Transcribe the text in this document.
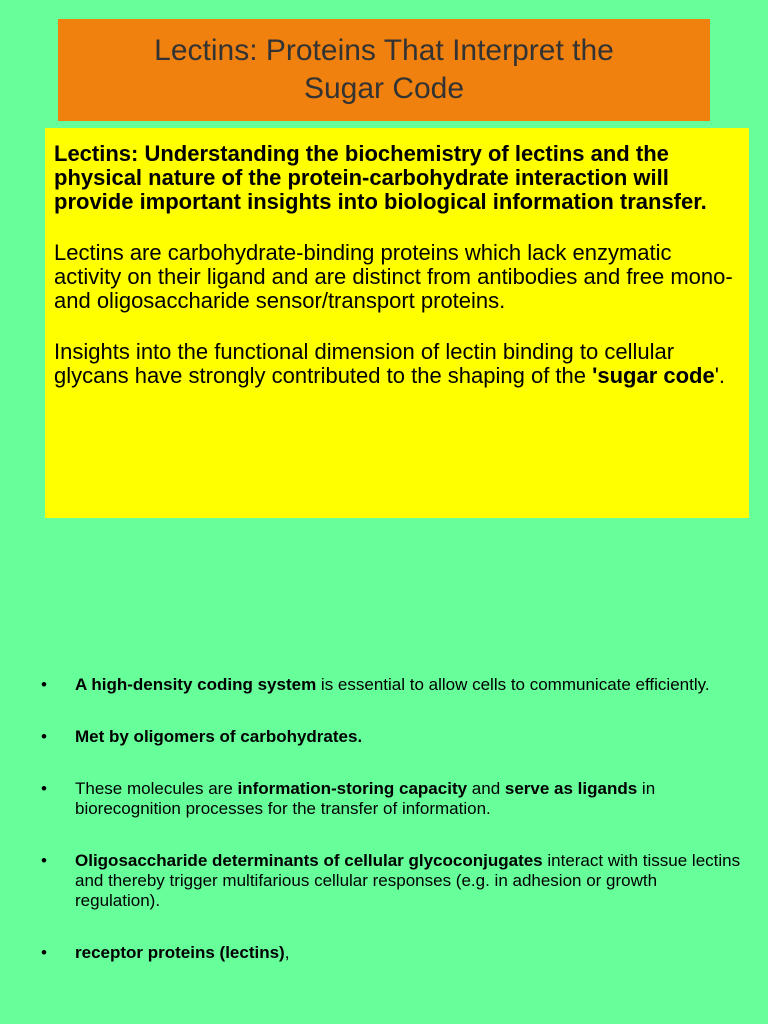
Lectins: Proteins That Interpret the
Sugar Code

Lectins: Understanding the biochemistry of lectins and the physical nature of the protein-carbohydrate interaction will provide important insights into biological information transfer.

Lectins are carbohydrate-binding proteins which lack enzymatic activity on their ligand and are distinct from antibodies and free mono- and oligosaccharide sensor/transport proteins.

Insights into the functional dimension of lectin binding to cellular glycans have strongly contributed to the shaping of the 'sugar code'.

• A high-density coding system is essential to allow cells to communicate efficiently.
• Met by oligomers of carbohydrates.
• These molecules are information-storing capacity and serve as ligands in biorecognition processes for the transfer of information.
• Oligosaccharide determinants of cellular glycoconjugates interact with tissue lectins and thereby trigger multifarious cellular responses (e.g. in adhesion or growth regulation).
• receptor proteins (lectins),
